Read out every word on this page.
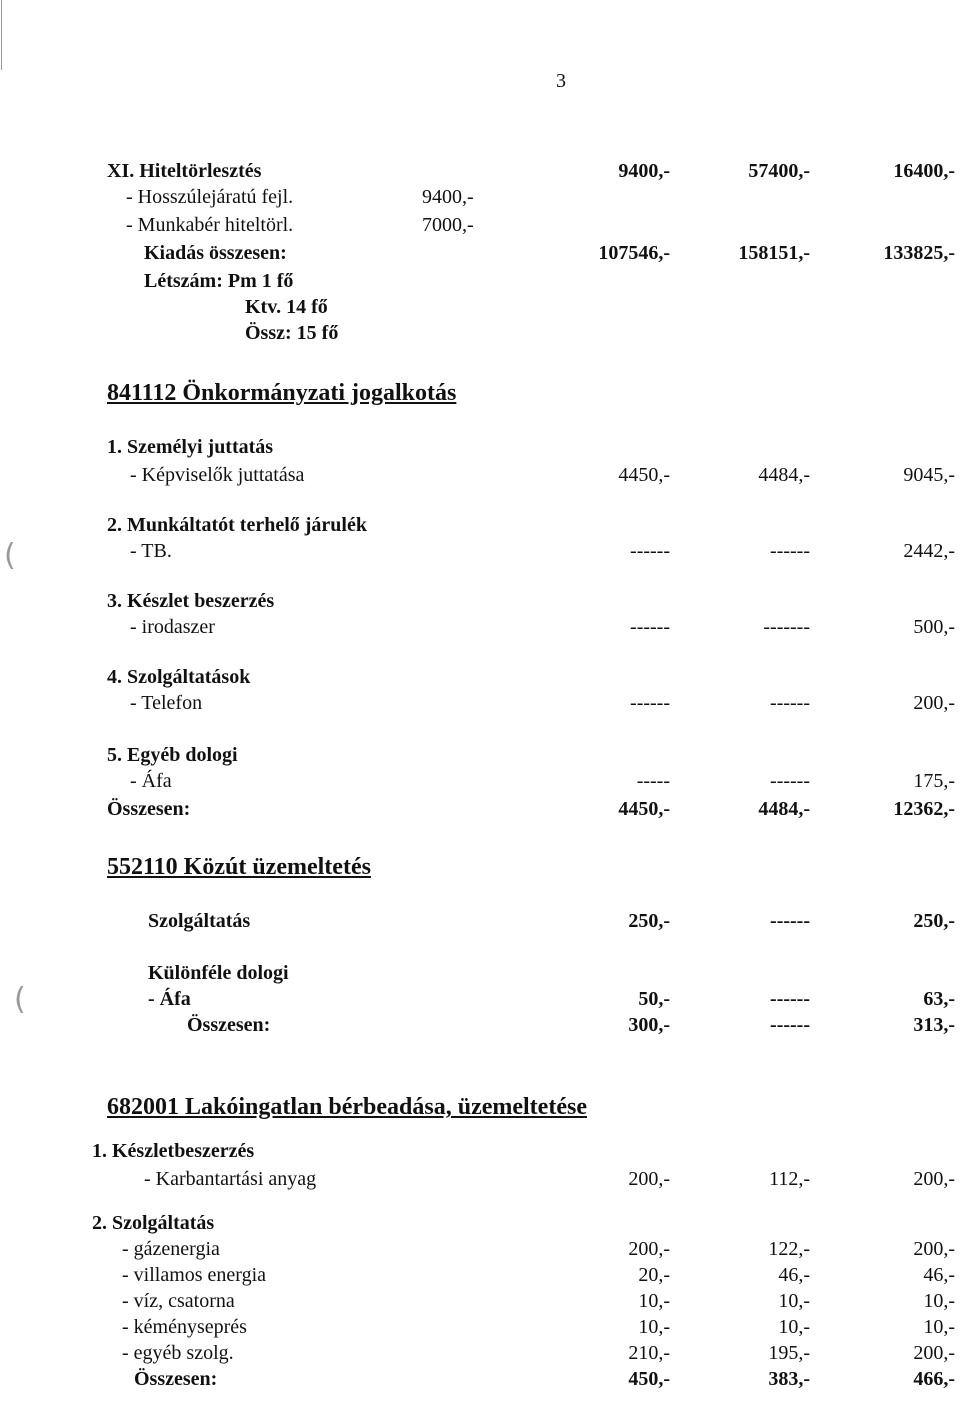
(
(
3
XI. Hiteltörlesztés	9400,-	57400,-	16400,-
- Hosszúlejáratú fejl.	9400,-
- Munkabér hiteltörl.	7000,-
Kiadás összesen:	107546,-	158151,-	133825,-
Létszám: Pm 1 fő
Ktv. 14 fő
Össz: 15 fő
841112 Önkormányzati jogalkotás
1. Személyi juttatás
- Képviselők juttatása	4450,-	4484,-	9045,-
2. Munkáltatót terhelő járulék
- TB.	------	------	2442,-
3. Készlet beszerzés
- irodaszer	------	-------	500,-
4. Szolgáltatások
- Telefon	------	------	200,-
5. Egyéb dologi
- Áfa	-----	------	175,-
Összesen:	4450,-	4484,-	12362,-
552110 Közút üzemeltetés
Szolgáltatás	250,-	------	250,-
Különféle dologi
- Áfa	50,-	------	63,-
Összesen:	300,-	------	313,-
682001 Lakóingatlan bérbeadása, üzemeltetése
1. Készletbeszerzés
- Karbantartási anyag	200,-	112,-	200,-
2. Szolgáltatás
- gázenergia	200,-	122,-	200,-
- villamos energia	20,-	46,-	46,-
- víz, csatorna	10,-	10,-	10,-
- kéményseprés	10,-	10,-	10,-
- egyéb szolg.	210,-	195,-	200,-
Összesen:	450,-	383,-	466,-
